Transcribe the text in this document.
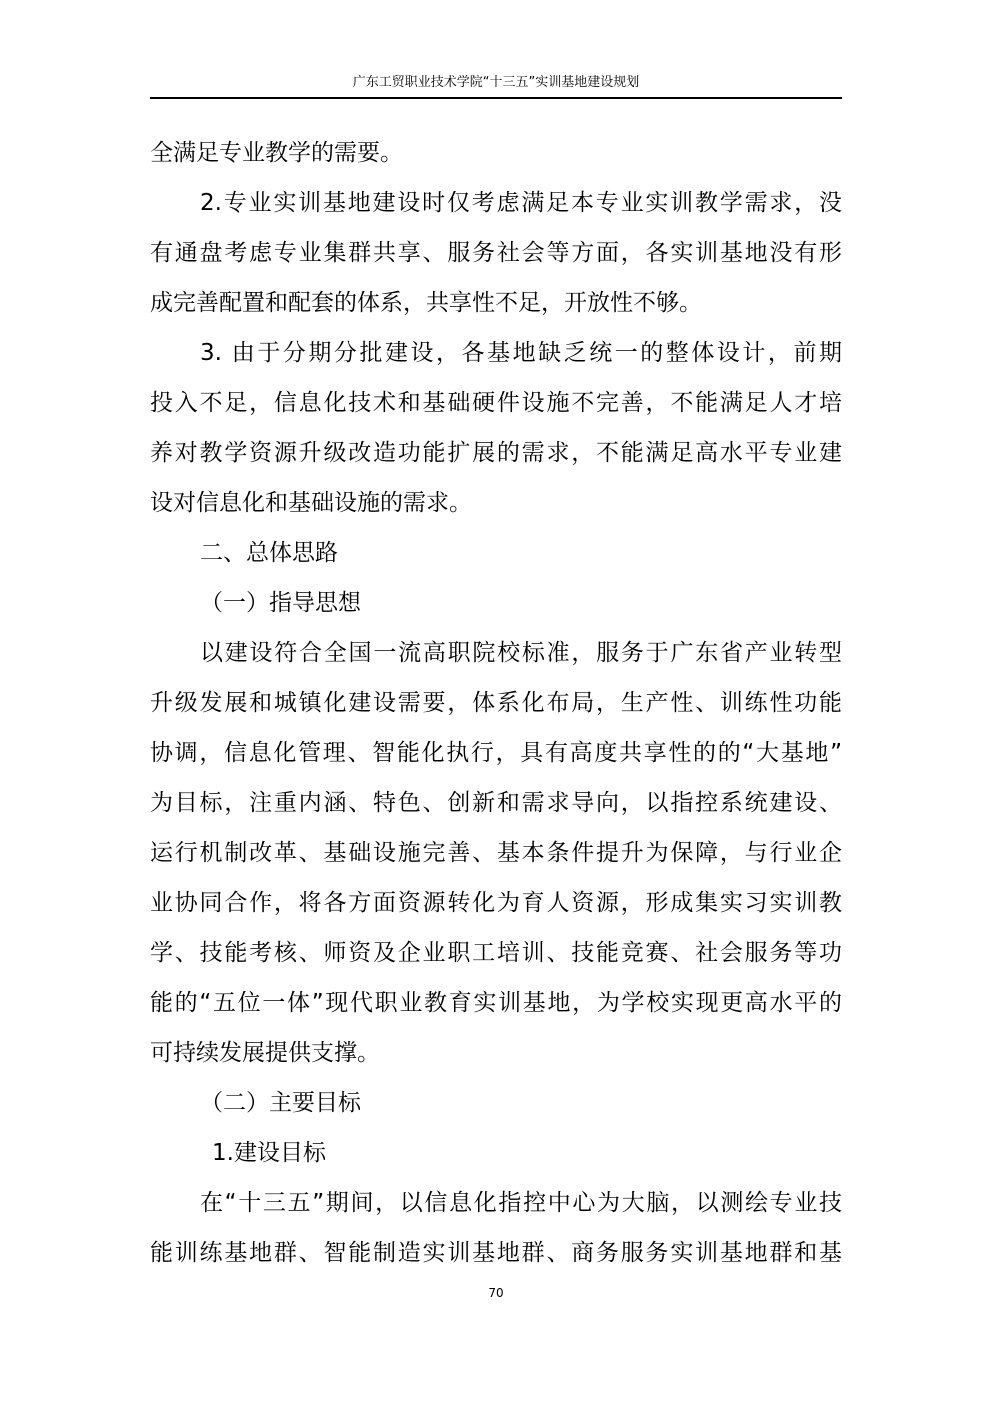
广东工贸职业技术学院“十三五”实训基地建设规划
全满足专业教学的需要。
2.专业实训基地建设时仅考虑满足本专业实训教学需求，没
有通盘考虑专业集群共享、服务社会等方面，各实训基地没有形
成完善配置和配套的体系，共享性不足，开放性不够。
3. 由于分期分批建设，各基地缺乏统一的整体设计，前期
投入不足，信息化技术和基础硬件设施不完善，不能满足人才培
养对教学资源升级改造功能扩展的需求，不能满足高水平专业建
设对信息化和基础设施的需求。
二、总体思路
（一）指导思想
以建设符合全国一流高职院校标准，服务于广东省产业转型
升级发展和城镇化建设需要，体系化布局，生产性、训练性功能
协调，信息化管理、智能化执行，具有高度共享性的的“大基地”
为目标，注重内涵、特色、创新和需求导向，以指控系统建设、
运行机制改革、基础设施完善、基本条件提升为保障，与行业企
业协同合作，将各方面资源转化为育人资源，形成集实习实训教
学、技能考核、师资及企业职工培训、技能竞赛、社会服务等功
能的“五位一体”现代职业教育实训基地，为学校实现更高水平的
可持续发展提供支撑。
（二）主要目标
1.建设目标
在“十三五”期间，以信息化指控中心为大脑，以测绘专业技
能训练基地群、智能制造实训基地群、商务服务实训基地群和基
70
